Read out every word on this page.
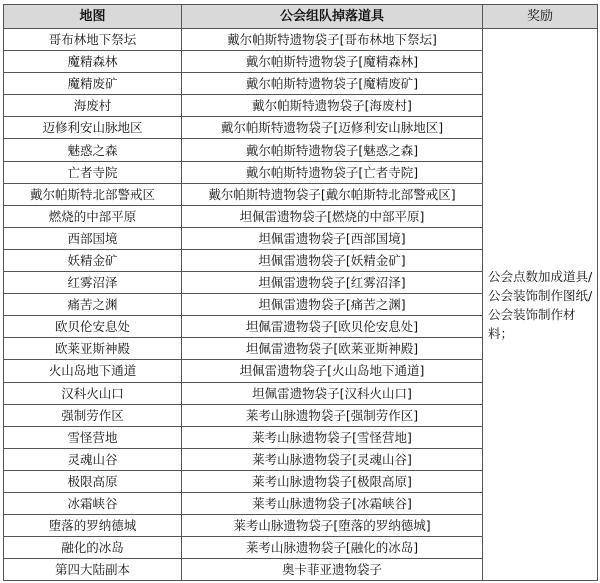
地图	公会组队掉落道具	奖励
哥布林地下祭坛	戴尔帕斯特遗物袋子[哥布林地下祭坛]	公会点数加成道具/公会装饰制作图纸/公会装饰制作材料；
魔精森林	戴尔帕斯特遗物袋子[魔精森林]	
魔精废矿	戴尔帕斯特遗物袋子[魔精废矿]	
海废村	戴尔帕斯特遗物袋子[海废村]	
迈修利安山脉地区	戴尔帕斯特遗物袋子[迈修利安山脉地区]	
魅惑之森	戴尔帕斯特遗物袋子[魅惑之森]	
亡者寺院	戴尔帕斯特遗物袋子[亡者寺院]	
戴尔帕斯特北部警戒区	戴尔帕斯特遗物袋子[戴尔帕斯特北部警戒区]	
燃烧的中部平原	坦佩雷遗物袋子[燃烧的中部平原]	
西部国境	坦佩雷遗物袋子[西部国境]	
妖精金矿	坦佩雷遗物袋子[妖精金矿]	
红雾沼泽	坦佩雷遗物袋子[红雾沼泽]	
痛苦之渊	坦佩雷遗物袋子[痛苦之渊]	
欧贝伦安息处	坦佩雷遗物袋子[欧贝伦安息处]	
欧莱亚斯神殿	坦佩雷遗物袋子[欧莱亚斯神殿]	
火山岛地下通道	坦佩雷遗物袋子[火山岛地下通道]	
汉科火山口	坦佩雷遗物袋子[汉科火山口]	
强制劳作区	莱考山脉遗物袋子[强制劳作区]	
雪怪营地	莱考山脉遗物袋子[雪怪营地]	
灵魂山谷	莱考山脉遗物袋子[灵魂山谷]	
极限高原	莱考山脉遗物袋子[极限高原]	
冰霜峡谷	莱考山脉遗物袋子[冰霜峡谷]	
堕落的罗纳德城	莱考山脉遗物袋子[堕落的罗纳德城]	
融化的冰岛	莱考山脉遗物袋子[融化的冰岛]	
第四大陆副本	奥卡菲亚遗物袋子	
